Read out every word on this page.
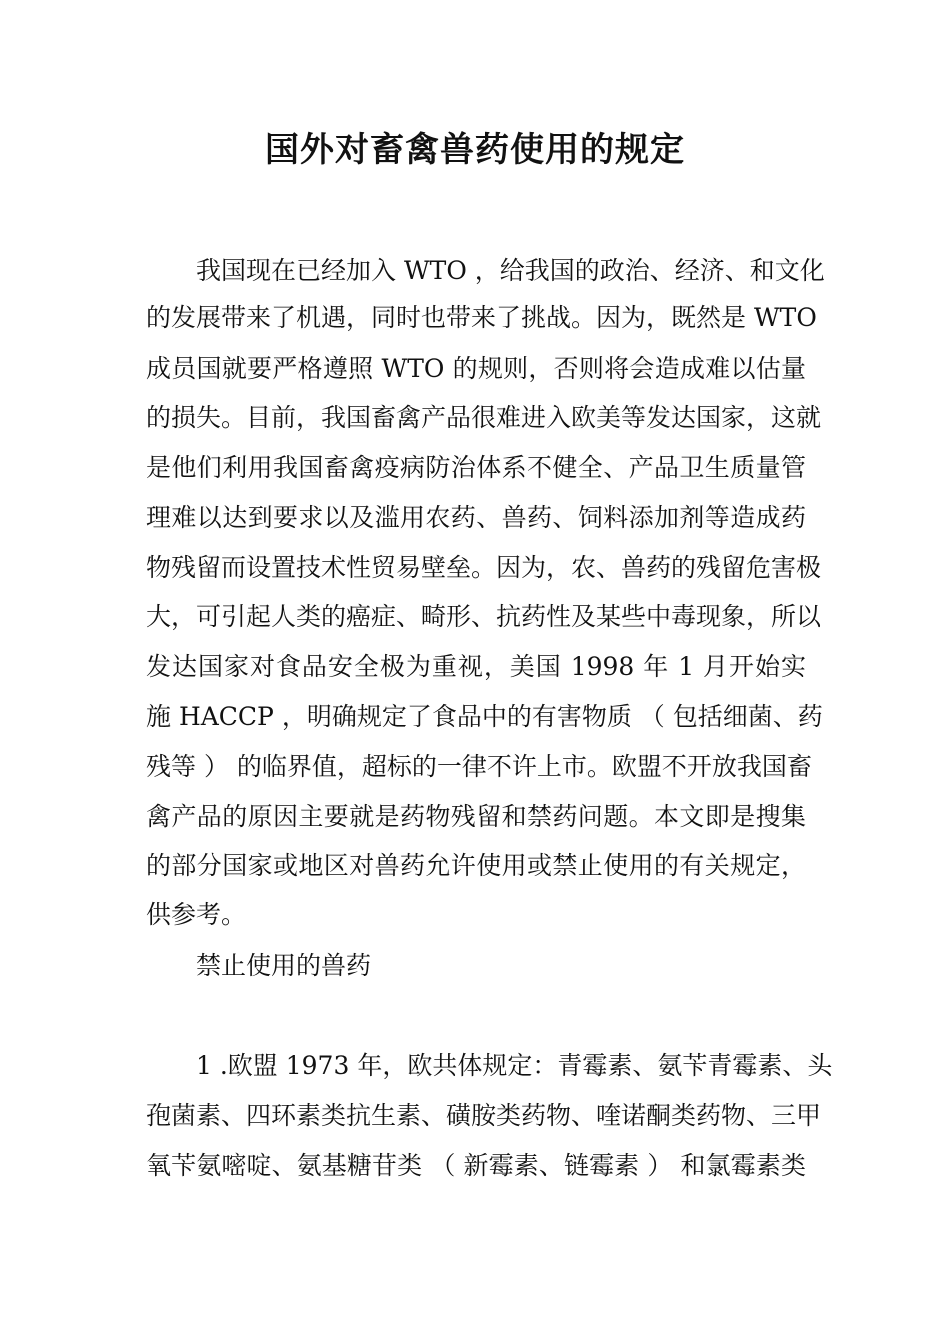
国外对畜禽兽药使用的规定

我国现在已经加入 WTO ，给我国的政治、经济、和文化

的发展带来了机遇，同时也带来了挑战。因为，既然是 WTO

成员国就要严格遵照 WTO 的规则，否则将会造成难以估量

的损失。目前，我国畜禽产品很难进入欧美等发达国家，这就

是他们利用我国畜禽疫病防治体系不健全、产品卫生质量管

理难以达到要求以及滥用农药、兽药、饲料添加剂等造成药

物残留而设置技术性贸易壁垒。因为，农、兽药的残留危害极

大，可引起人类的癌症、畸形、抗药性及某些中毒现象，所以

发达国家对食品安全极为重视，美国 1998 年 1 月开始实

施 HACCP ，明确规定了食品中的有害物质 （ 包括细菌、药

残等 ） 的临界值，超标的一律不许上市。欧盟不开放我国畜

禽产品的原因主要就是药物残留和禁药问题。本文即是搜集

的部分国家或地区对兽药允许使用或禁止使用的有关规定，

供参考。

禁止使用的兽药

1 .欧盟 1973 年，欧共体规定：青霉素、氨苄青霉素、头

孢菌素、四环素类抗生素、磺胺类药物、喹诺酮类药物、三甲

氧苄氨嘧啶、氨基糖苷类 （ 新霉素、链霉素 ） 和氯霉素类
